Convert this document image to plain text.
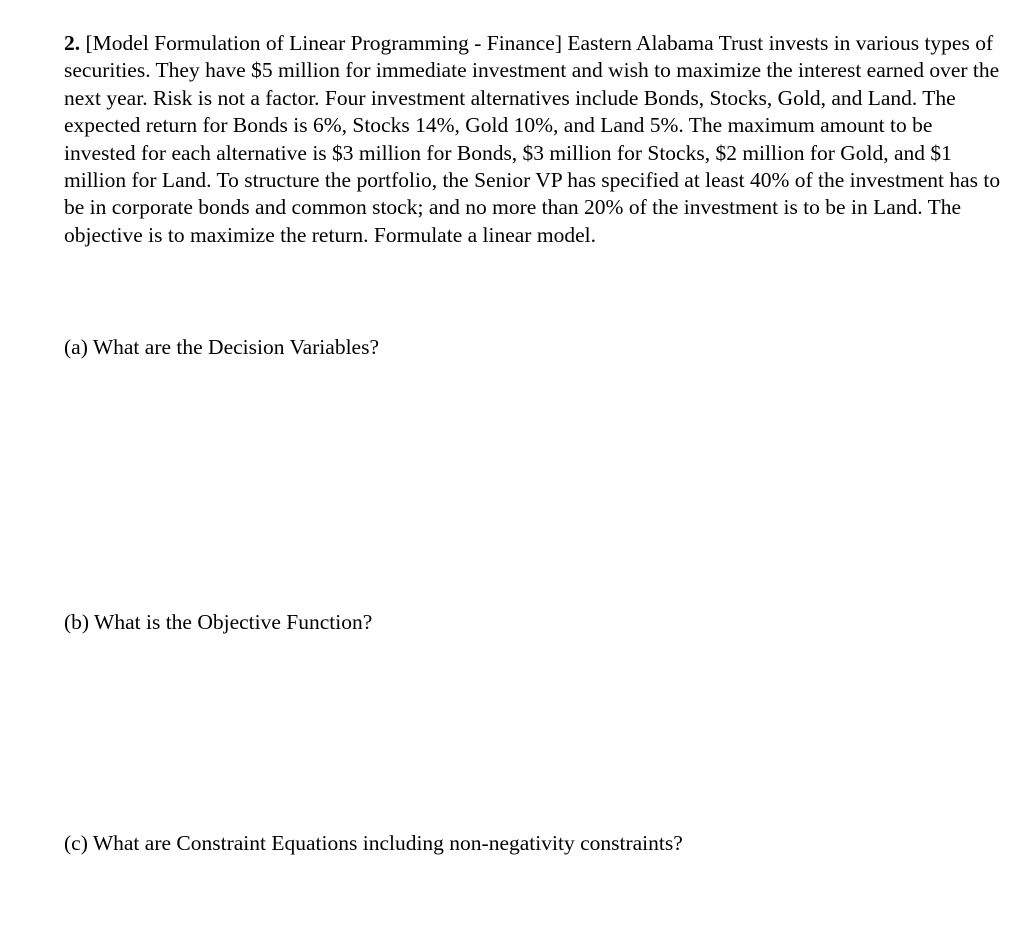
2. [Model Formulation of Linear Programming - Finance] Eastern Alabama Trust invests in various types of securities. They have $5 million for immediate investment and wish to maximize the interest earned over the next year. Risk is not a factor. Four investment alternatives include Bonds, Stocks, Gold, and Land. The expected return for Bonds is 6%, Stocks 14%, Gold 10%, and Land 5%. The maximum amount to be invested for each alternative is $3 million for Bonds, $3 million for Stocks, $2 million for Gold, and $1 million for Land. To structure the portfolio, the Senior VP has specified at least 40% of the investment has to be in corporate bonds and common stock; and no more than 20% of the investment is to be in Land. The objective is to maximize the return. Formulate a linear model.

(a) What are the Decision Variables?

(b) What is the Objective Function?

(c) What are Constraint Equations including non-negativity constraints?
